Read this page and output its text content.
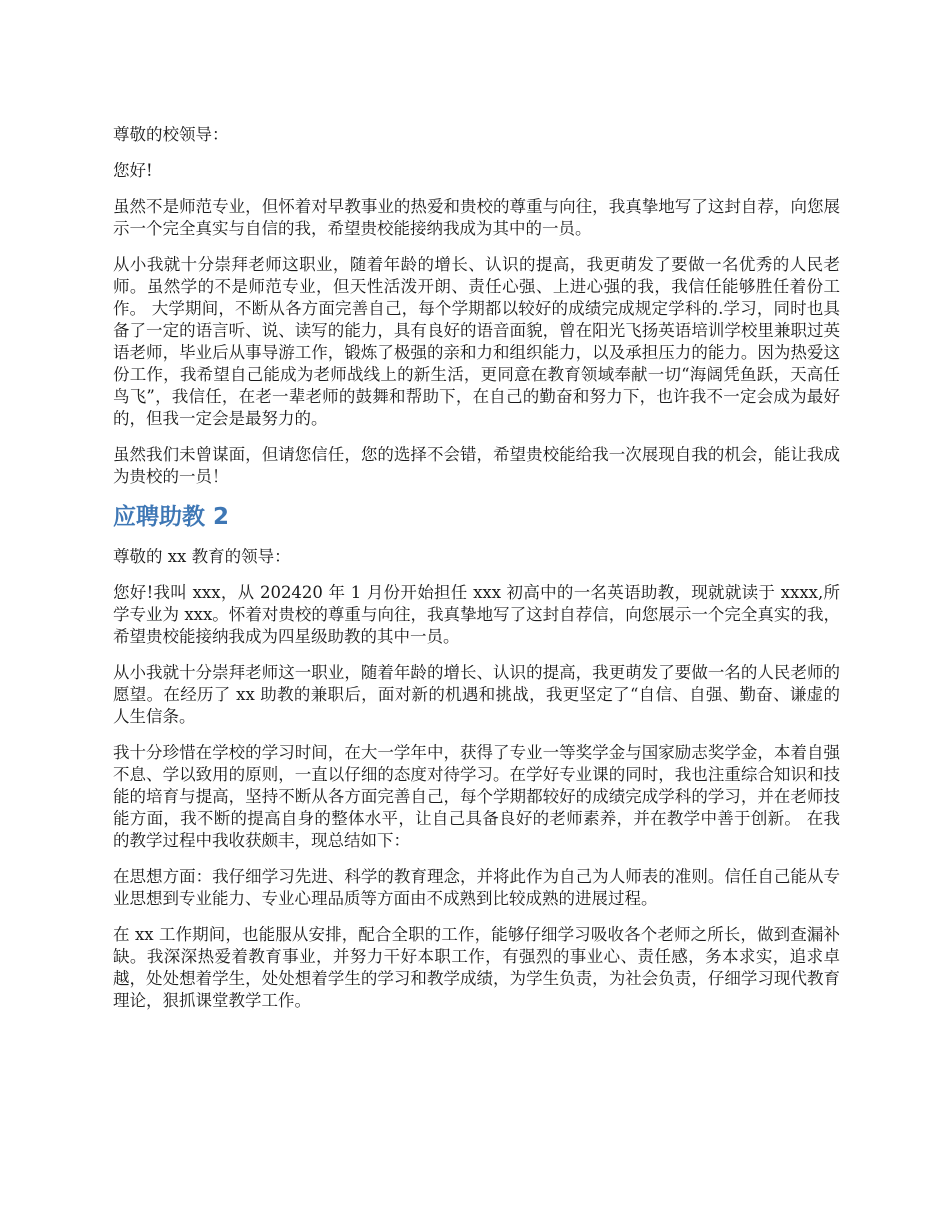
尊敬的校领导：

您好!

虽然不是师范专业，但怀着对早教事业的热爱和贵校的尊重与向往，我真挚地写了这封自荐，向您展示一个完全真实与自信的我，希望贵校能接纳我成为其中的一员。

从小我就十分崇拜老师这职业，随着年龄的增长、认识的提高，我更萌发了要做一名优秀的人民老师。虽然学的不是师范专业，但天性活泼开朗、责任心强、上进心强的我，我信任能够胜任着份工作。 大学期间，不断从各方面完善自己，每个学期都以较好的成绩完成规定学科的.学习，同时也具备了一定的语言听、说、读写的能力，具有良好的语音面貌，曾在阳光飞扬英语培训学校里兼职过英语老师，毕业后从事导游工作，锻炼了极强的亲和力和组织能力，以及承担压力的能力。因为热爱这份工作，我希望自己能成为老师战线上的新生活，更同意在教育领域奉献一切“海阔凭鱼跃，天高任鸟飞”，我信任，在老一辈老师的鼓舞和帮助下，在自己的勤奋和努力下，也许我不一定会成为最好的，但我一定会是最努力的。

虽然我们未曾谋面，但请您信任，您的选择不会错，希望贵校能给我一次展现自我的机会，能让我成为贵校的一员！

应聘助教 2

尊敬的 xx 教育的领导：

您好!我叫 xxx，从 202420 年 1 月份开始担任 xxx 初高中的一名英语助教，现就就读于 xxxx,所学专业为 xxx。怀着对贵校的尊重与向往，我真挚地写了这封自荐信，向您展示一个完全真实的我，希望贵校能接纳我成为四星级助教的其中一员。

从小我就十分崇拜老师这一职业，随着年龄的增长、认识的提高，我更萌发了要做一名的人民老师的愿望。在经历了 xx 助教的兼职后，面对新的机遇和挑战，我更坚定了“自信、自强、勤奋、谦虚的人生信条。

我十分珍惜在学校的学习时间，在大一学年中，获得了专业一等奖学金与国家励志奖学金，本着自强不息、学以致用的原则，一直以仔细的态度对待学习。在学好专业课的同时，我也注重综合知识和技能的培育与提高，坚持不断从各方面完善自己，每个学期都较好的成绩完成学科的学习，并在老师技能方面，我不断的提高自身的整体水平，让自己具备良好的老师素养，并在教学中善于创新。 在我的教学过程中我收获颇丰，现总结如下：

在思想方面：我仔细学习先进、科学的教育理念，并将此作为自己为人师表的准则。信任自己能从专业思想到专业能力、专业心理品质等方面由不成熟到比较成熟的进展过程。

在 xx 工作期间，也能服从安排，配合全职的工作，能够仔细学习吸收各个老师之所长，做到查漏补缺。我深深热爱着教育事业，并努力干好本职工作，有强烈的事业心、责任感，务本求实，追求卓越，处处想着学生，处处想着学生的学习和教学成绩，为学生负责，为社会负责，仔细学习现代教育理论，狠抓课堂教学工作。
